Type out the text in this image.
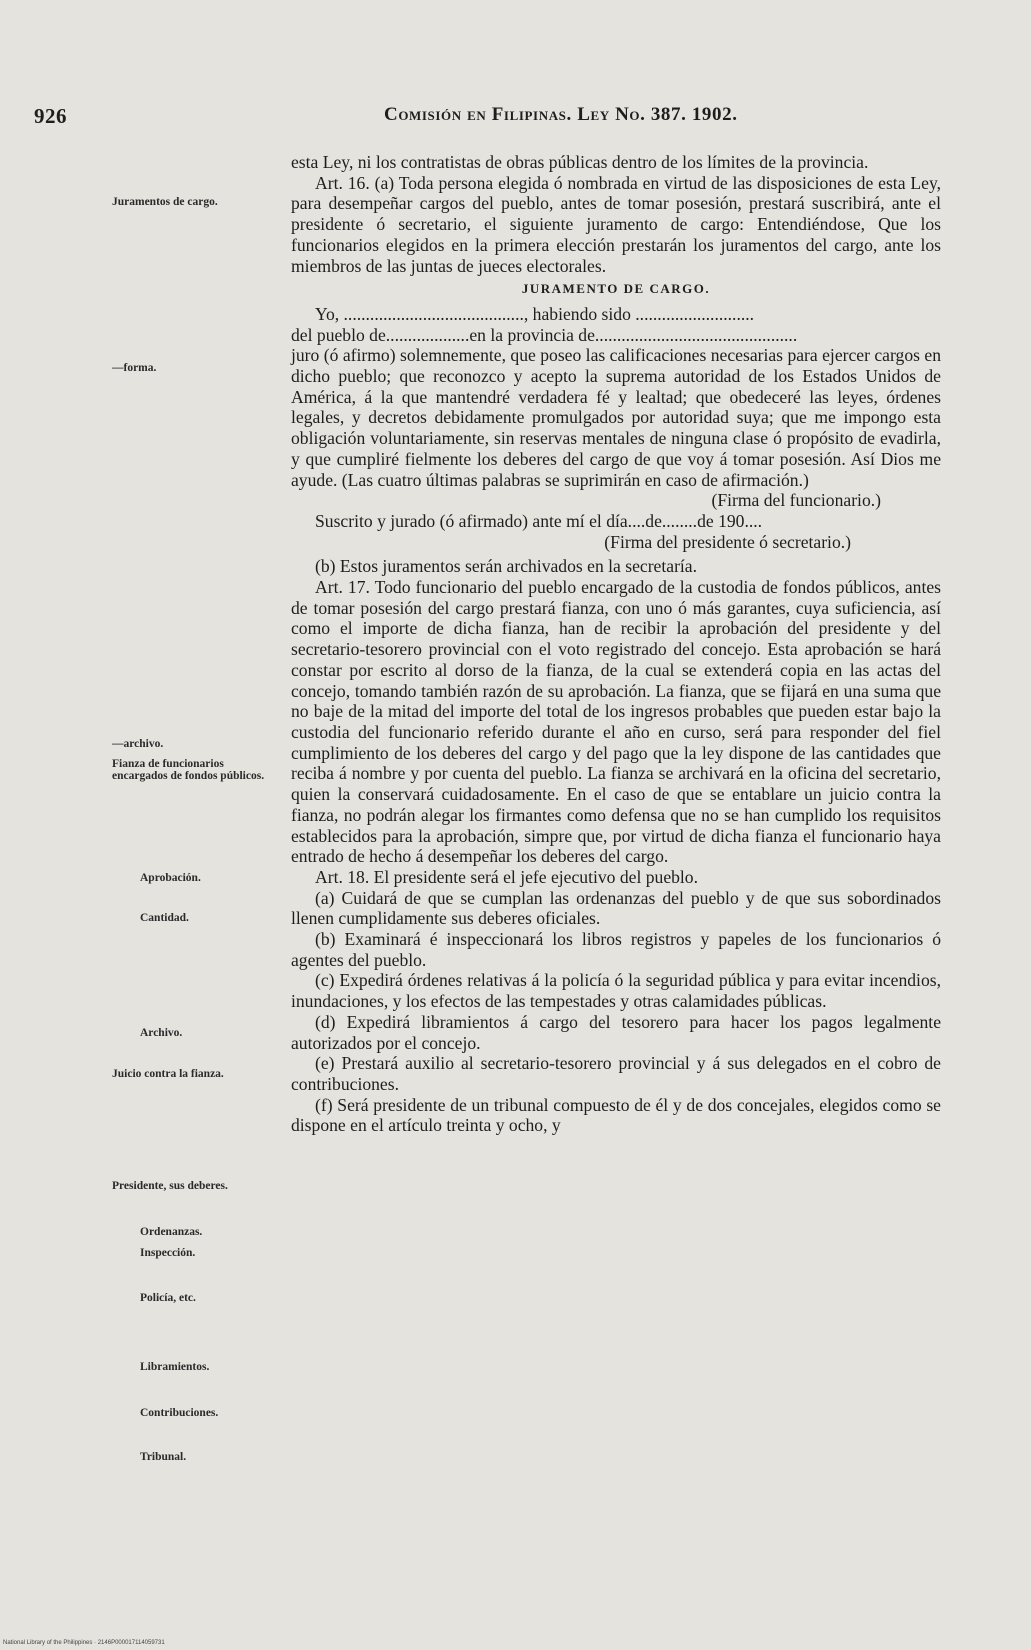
926	Comisión en Filipinas. Ley No. 387. 1902.
Juramentos de cargo.
—forma.
—archivo.
Fianza de funcionarios encargados de fondos públicos.
Aprobación.
Cantidad.
Archivo.
Juicio contra la fianza.
Presidente, sus deberes.
Ordenanzas.
Inspección.
Policía, etc.
Libramientos.
Contribuciones.
Tribunal.

esta Ley, ni los contratistas de obras públicas dentro de los límites de la provincia.

Art. 16. (a) Toda persona elegida ó nombrada en virtud de las disposiciones de esta Ley, para desempeñar cargos del pueblo, antes de tomar posesión, prestará suscribirá, ante el presidente ó secretario, el siguiente juramento de cargo: Entendiéndose, Que los funcionarios elegidos en la primera elección prestarán los juramentos del cargo, ante los miembros de las juntas de jueces electorales.

JURAMENTO DE CARGO.

Yo, ........................................., habiendo sido ...........................

del pueblo de...................en la provincia de..............................................

juro (ó afirmo) solemnemente, que poseo las calificaciones necesarias para ejercer cargos en dicho pueblo; que reconozco y acepto la suprema autoridad de los Estados Unidos de América, á la que mantendré verdadera fé y lealtad; que obedeceré las leyes, órdenes legales, y decretos debidamente promulgados por autoridad suya; que me impongo esta obligación voluntariamente, sin reservas mentales de ninguna clase ó propósito de evadirla, y que cumpliré fielmente los deberes del cargo de que voy á tomar posesión. Así Dios me ayude. (Las cuatro últimas palabras se suprimirán en caso de afirmación.)

(Firma del funcionario.)

Suscrito y jurado (ó afirmado) ante mí el día....de........de 190....

(Firma del presidente ó secretario.)

(b) Estos juramentos serán archivados en la secretaría.

Art. 17. Todo funcionario del pueblo encargado de la custodia de fondos públicos, antes de tomar posesión del cargo prestará fianza, con uno ó más garantes, cuya suficiencia, así como el importe de dicha fianza, han de recibir la aprobación del presidente y del secretario-tesorero provincial con el voto registrado del concejo. Esta aprobación se hará constar por escrito al dorso de la fianza, de la cual se extenderá copia en las actas del concejo, tomando también razón de su aprobación. La fianza, que se fijará en una suma que no baje de la mitad del importe del total de los ingresos probables que pueden estar bajo la custodia del funcionario referido durante el año en curso, será para responder del fiel cumplimiento de los deberes del cargo y del pago que la ley dispone de las cantidades que reciba á nombre y por cuenta del pueblo. La fianza se archivará en la oficina del secretario, quien la conservará cuidadosamente. En el caso de que se entablare un juicio contra la fianza, no podrán alegar los firmantes como defensa que no se han cumplido los requisitos establecidos para la aprobación, simpre que, por virtud de dicha fianza el funcionario haya entrado de hecho á desempeñar los deberes del cargo.

Art. 18. El presidente será el jefe ejecutivo del pueblo.

(a) Cuidará de que se cumplan las ordenanzas del pueblo y de que sus sobordinados llenen cumplidamente sus deberes oficiales.

(b) Examinará é inspeccionará los libros registros y papeles de los funcionarios ó agentes del pueblo.

(c) Expedirá órdenes relativas á la policía ó la seguridad pública y para evitar incendios, inundaciones, y los efectos de las tempestades y otras calamidades públicas.

(d) Expedirá libramientos á cargo del tesorero para hacer los pagos legalmente autorizados por el concejo.

(e) Prestará auxilio al secretario-tesorero provincial y á sus delegados en el cobro de contribuciones.

(f) Será presidente de un tribunal compuesto de él y de dos concejales, elegidos como se dispone en el artículo treinta y ocho, y

National Library of the Philippines · 2146P000017114059731
